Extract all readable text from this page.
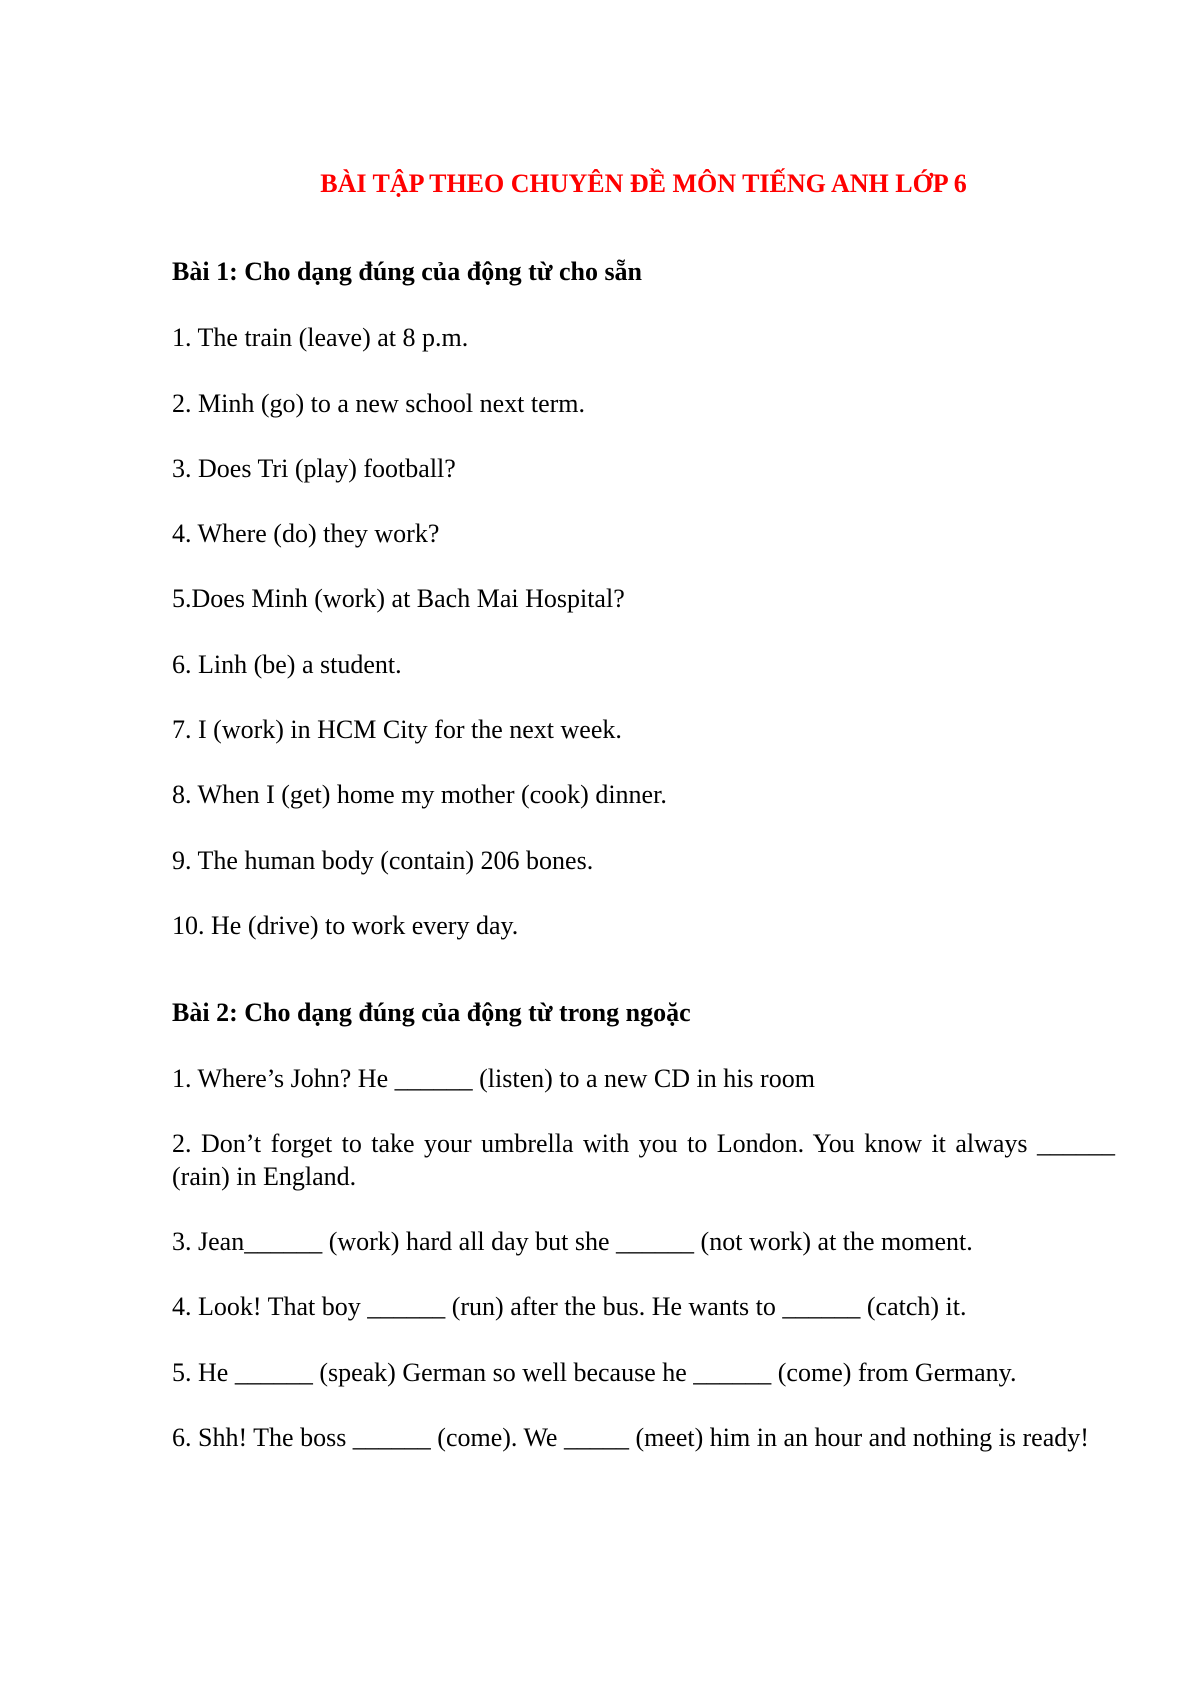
BÀI TẬP THEO CHUYÊN ĐỀ MÔN TIẾNG ANH LỚP 6
Bài 1: Cho dạng đúng của động từ cho sẵn
1. The train (leave) at 8 p.m.
2. Minh (go) to a new school next term.
3. Does Tri (play) football?
4. Where (do) they work?
5.Does Minh (work) at Bach Mai Hospital?
6. Linh (be) a student.
7. I (work) in HCM City for the next week.
8. When I (get) home my mother (cook) dinner.
9. The human body (contain) 206 bones.
10. He (drive) to work every day.
Bài 2: Cho dạng đúng của động từ trong ngoặc
1. Where’s John? He ______ (listen) to a new CD in his room
2. Don’t forget to take your umbrella with you to London. You know it always ______ (rain) in England.
3. Jean______ (work) hard all day but she ______ (not work) at the moment.
4. Look! That boy ______ (run) after the bus. He wants to ______ (catch) it.
5. He ______ (speak) German so well because he ______ (come) from Germany.
6. Shh! The boss ______ (come). We _____ (meet) him in an hour and nothing is ready!
